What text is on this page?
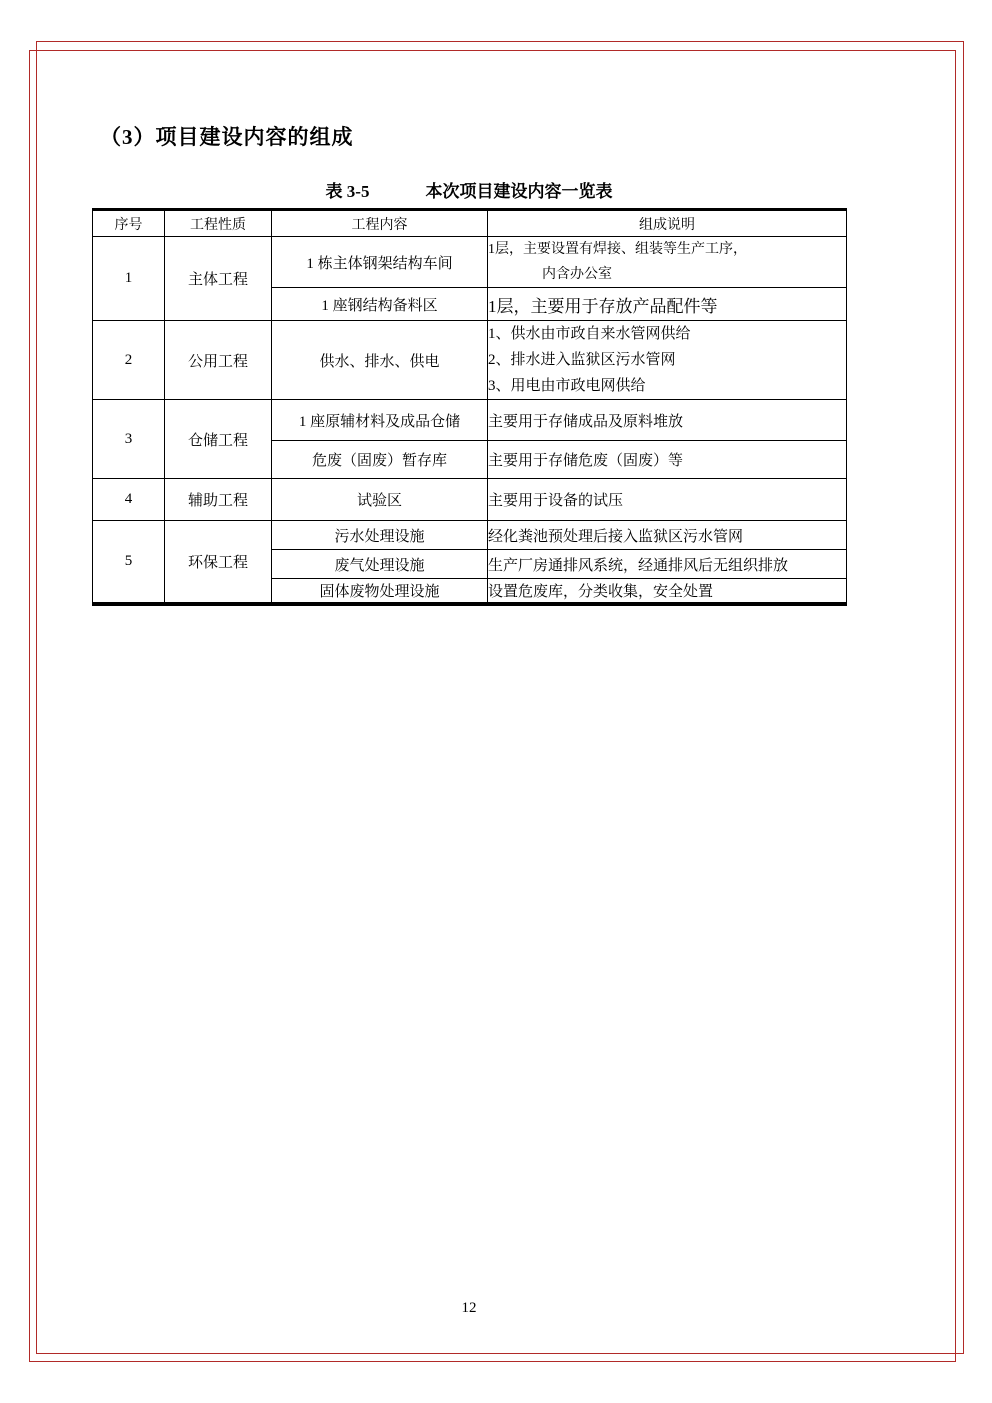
（3）项目建设内容的组成
表 3-5	本次项目建设内容一览表
序号	工程性质	工程内容	组成说明
1	主体工程	1 栋主体钢架结构车间	1层，主要设置有焊接、组装等生产工序，
内含办公室

		1 座钢结构备料区	1层，主要用于存放产品配件等
2	公用工程	供水、排水、供电	1、供水由市政自来水管网供给
2、排水进入监狱区污水管网
3、用电由市政电网供给

3	仓储工程	1 座原辅材料及成品仓储	主要用于存储成品及原料堆放
		危废（固废）暂存库	主要用于存储危废（固废）等
4	辅助工程	试验区	主要用于设备的试压
5	环保工程	污水处理设施	经化粪池预处理后接入监狱区污水管网
		废气处理设施	生产厂房通排风系统，经通排风后无组织排放
		固体废物处理设施	设置危废库，分类收集，安全处置
12
